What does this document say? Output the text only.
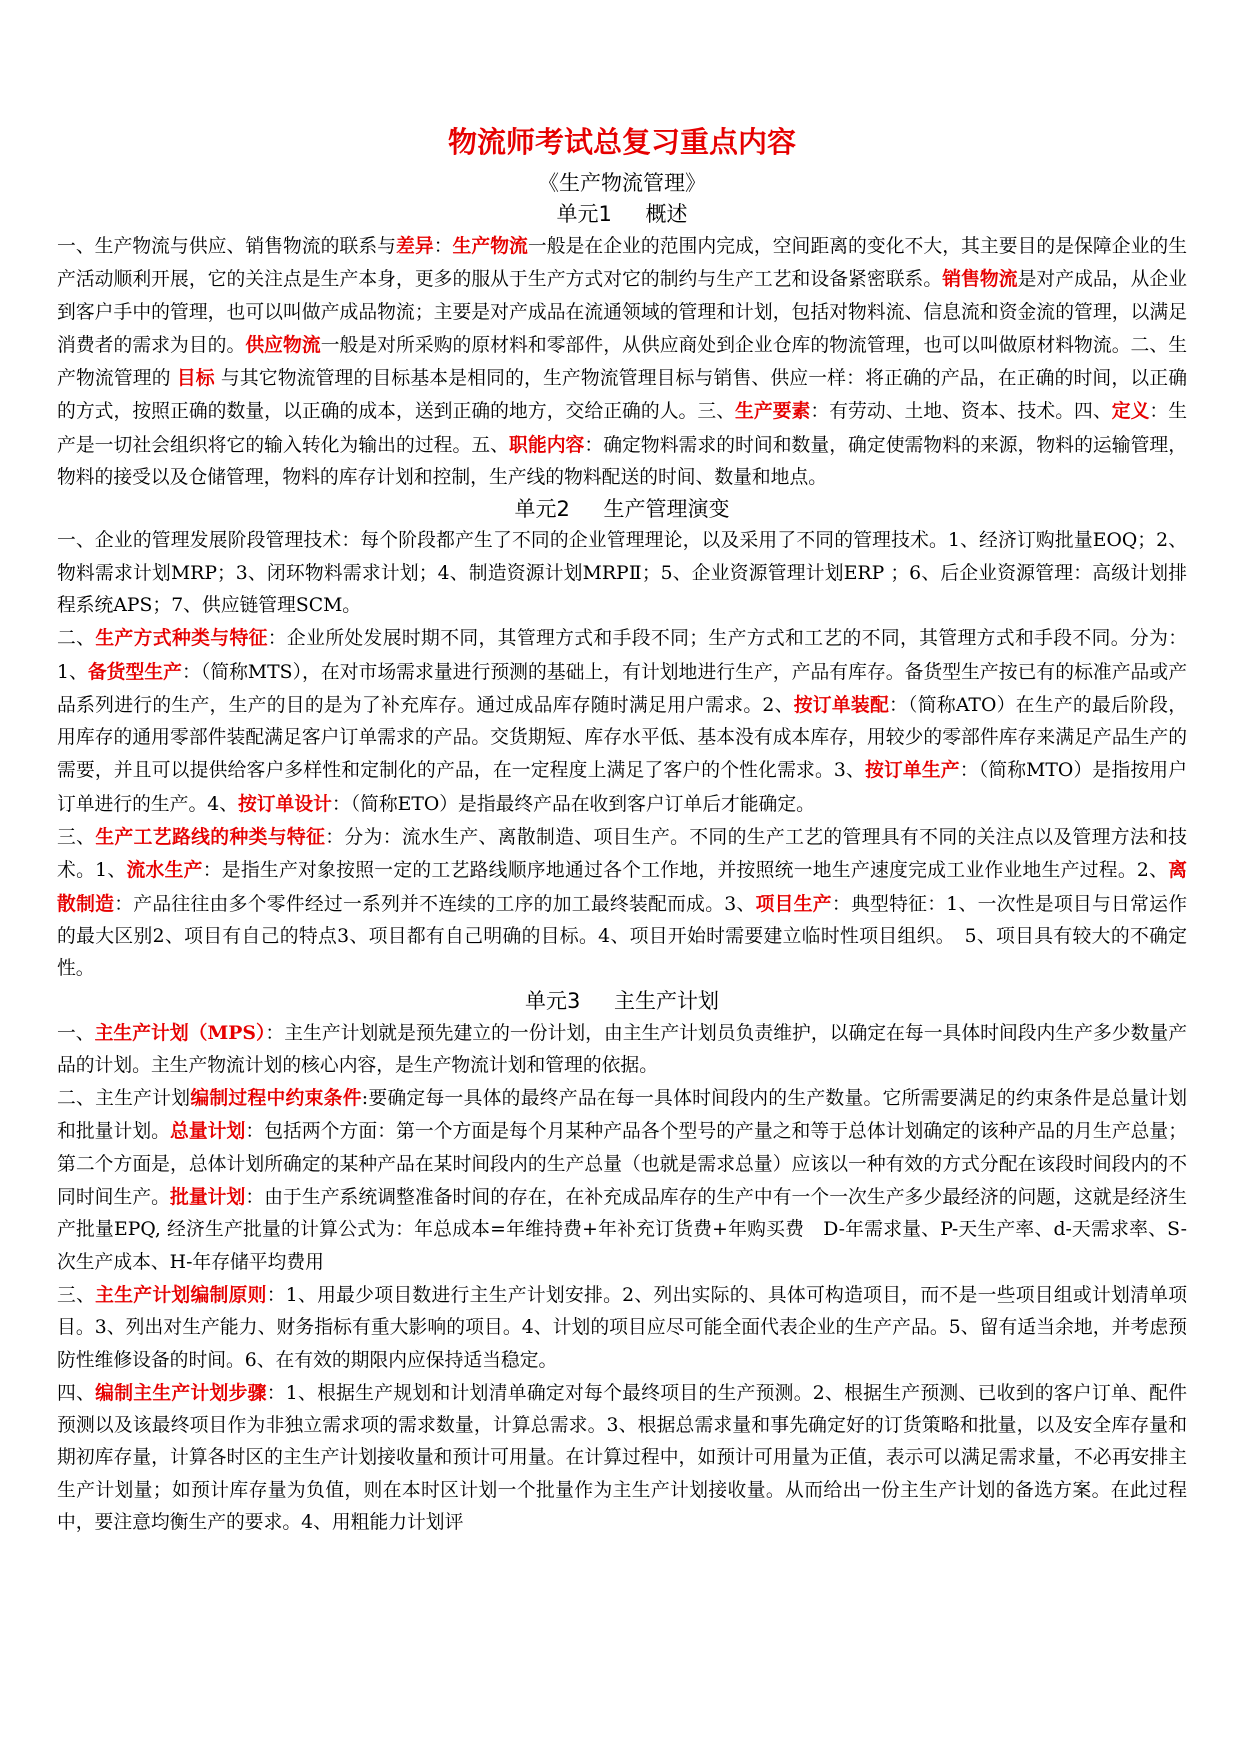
物流师考试总复习重点内容
《生产物流管理》
单元1 概述

一、生产物流与供应、销售物流的联系与差异：生产物流一般是在企业的范围内完成，空间距离的变化不大，其主要目的是保障企业的生产活动顺利开展，它的关注点是生产本身，更多的服从于生产方式对它的制约与生产工艺和设备紧密联系。销售物流是对产成品，从企业到客户手中的管理，也可以叫做产成品物流；主要是对产成品在流通领域的管理和计划，包括对物料流、信息流和资金流的管理，以满足消费者的需求为目的。供应物流一般是对所采购的原材料和零部件，从供应商处到企业仓库的物流管理，也可以叫做原材料物流。二、生产物流管理的 目标 与其它物流管理的目标基本是相同的，生产物流管理目标与销售、供应一样：将正确的产品，在正确的时间，以正确的方式，按照正确的数量，以正确的成本，送到正确的地方，交给正确的人。三、生产要素：有劳动、土地、资本、技术。四、定义：生产是一切社会组织将它的输入转化为输出的过程。五、职能内容：确定物料需求的时间和数量，确定使需物料的来源，物料的运输管理，物料的接受以及仓储管理，物料的库存计划和控制，生产线的物料配送的时间、数量和地点。

单元2 生产管理演变

一、企业的管理发展阶段管理技术：每个阶段都产生了不同的企业管理理论，以及采用了不同的管理技术。1、经济订购批量EOQ；2、物料需求计划MRP；3、闭环物料需求计划；4、制造资源计划MRPⅡ；5、企业资源管理计划ERP ；6、后企业资源管理：高级计划排程系统APS；7、供应链管理SCM。

二、生产方式种类与特征：企业所处发展时期不同，其管理方式和手段不同；生产方式和工艺的不同，其管理方式和手段不同。分为：1、备货型生产：（简称MTS），在对市场需求量进行预测的基础上，有计划地进行生产，产品有库存。备货型生产按已有的标准产品或产品系列进行的生产，生产的目的是为了补充库存。通过成品库存随时满足用户需求。2、按订单装配：（简称ATO）在生产的最后阶段，用库存的通用零部件装配满足客户订单需求的产品。交货期短、库存水平低、基本没有成本库存，用较少的零部件库存来满足产品生产的需要，并且可以提供给客户多样性和定制化的产品，在一定程度上满足了客户的个性化需求。3、按订单生产：（简称MTO）是指按用户订单进行的生产。4、按订单设计：（简称ETO）是指最终产品在收到客户订单后才能确定。

三、生产工艺路线的种类与特征：分为：流水生产、离散制造、项目生产。不同的生产工艺的管理具有不同的关注点以及管理方法和技术。1、流水生产：是指生产对象按照一定的工艺路线顺序地通过各个工作地，并按照统一地生产速度完成工业作业地生产过程。2、离散制造：产品往往由多个零件经过一系列并不连续的工序的加工最终装配而成。3、项目生产：典型特征：1、一次性是项目与日常运作的最大区别2、项目有自己的特点3、项目都有自己明确的目标。4、项目开始时需要建立临时性项目组织。　5、项目具有较大的不确定性。

单元3 主生产计划

一、主生产计划（MPS）：主生产计划就是预先建立的一份计划，由主生产计划员负责维护，以确定在每一具体时间段内生产多少数量产品的计划。主生产物流计划的核心内容，是生产物流计划和管理的依据。

二、主生产计划编制过程中约束条件:要确定每一具体的最终产品在每一具体时间段内的生产数量。它所需要满足的约束条件是总量计划和批量计划。总量计划：包括两个方面：第一个方面是每个月某种产品各个型号的产量之和等于总体计划确定的该种产品的月生产总量；第二个方面是，总体计划所确定的某种产品在某时间段内的生产总量（也就是需求总量）应该以一种有效的方式分配在该段时间段内的不同时间生产。批量计划：由于生产系统调整准备时间的存在，在补充成品库存的生产中有一个一次生产多少最经济的问题，这就是经济生产批量EPQ, 经济生产批量的计算公式为：年总成本=年维持费+年补充订货费+年购买费　D-年需求量、P-天生产率、d-天需求率、S-次生产成本、H-年存储平均费用

三、主生产计划编制原则：1、用最少项目数进行主生产计划安排。2、列出实际的、具体可构造项目，而不是一些项目组或计划清单项目。3、列出对生产能力、财务指标有重大影响的项目。4、计划的项目应尽可能全面代表企业的生产产品。5、留有适当余地，并考虑预防性维修设备的时间。6、在有效的期限内应保持适当稳定。

四、编制主生产计划步骤：1、根据生产规划和计划清单确定对每个最终项目的生产预测。2、根据生产预测、已收到的客户订单、配件预测以及该最终项目作为非独立需求项的需求数量，计算总需求。3、根据总需求量和事先确定好的订货策略和批量，以及安全库存量和期初库存量，计算各时区的主生产计划接收量和预计可用量。在计算过程中，如预计可用量为正值，表示可以满足需求量，不必再安排主生产计划量；如预计库存量为负值，则在本时区计划一个批量作为主生产计划接收量。从而给出一份主生产计划的备选方案。在此过程中，要注意均衡生产的要求。4、用粗能力计划评
